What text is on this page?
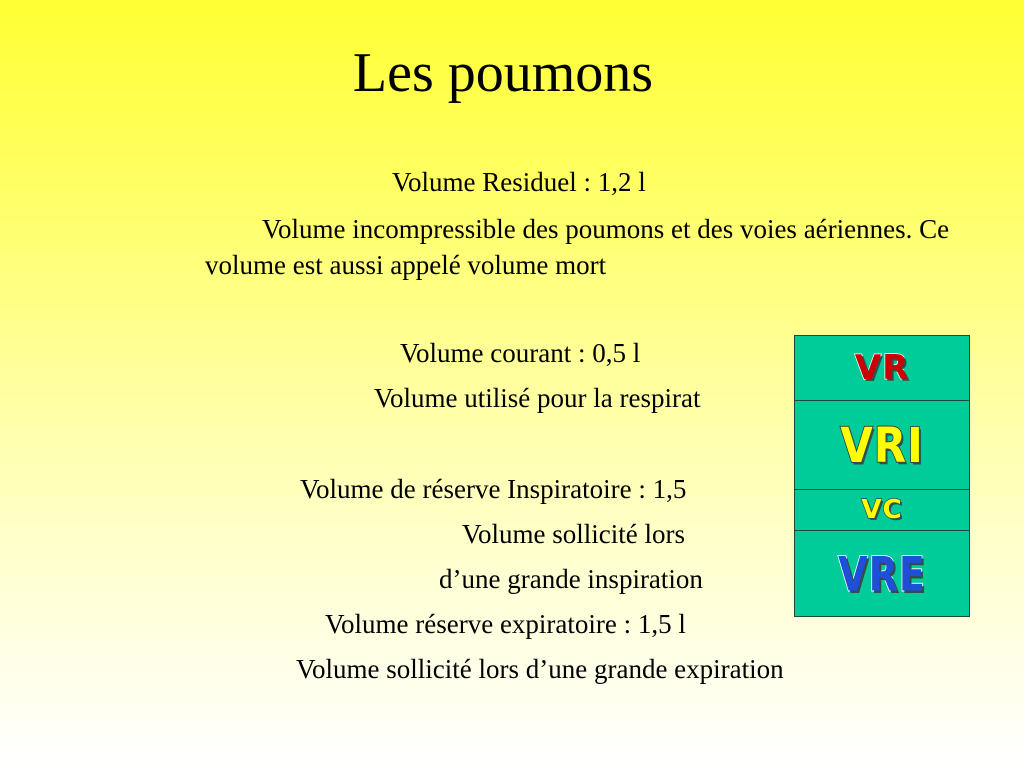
Les poumons
Volume Residuel : 1,2 l
Volume incompressible des poumons et des voies aériennes. Ce volume est aussi appelé volume mort
Volume courant : 0,5 l
Volume utilisé pour la respirat
Volume de réserve Inspiratoire : 1,5
Volume sollicité lors
d’une grande inspiration
Volume réserve expiratoire : 1,5 l
Volume sollicité lors d’une grande expiration
VR
VRI
VC
VRE
